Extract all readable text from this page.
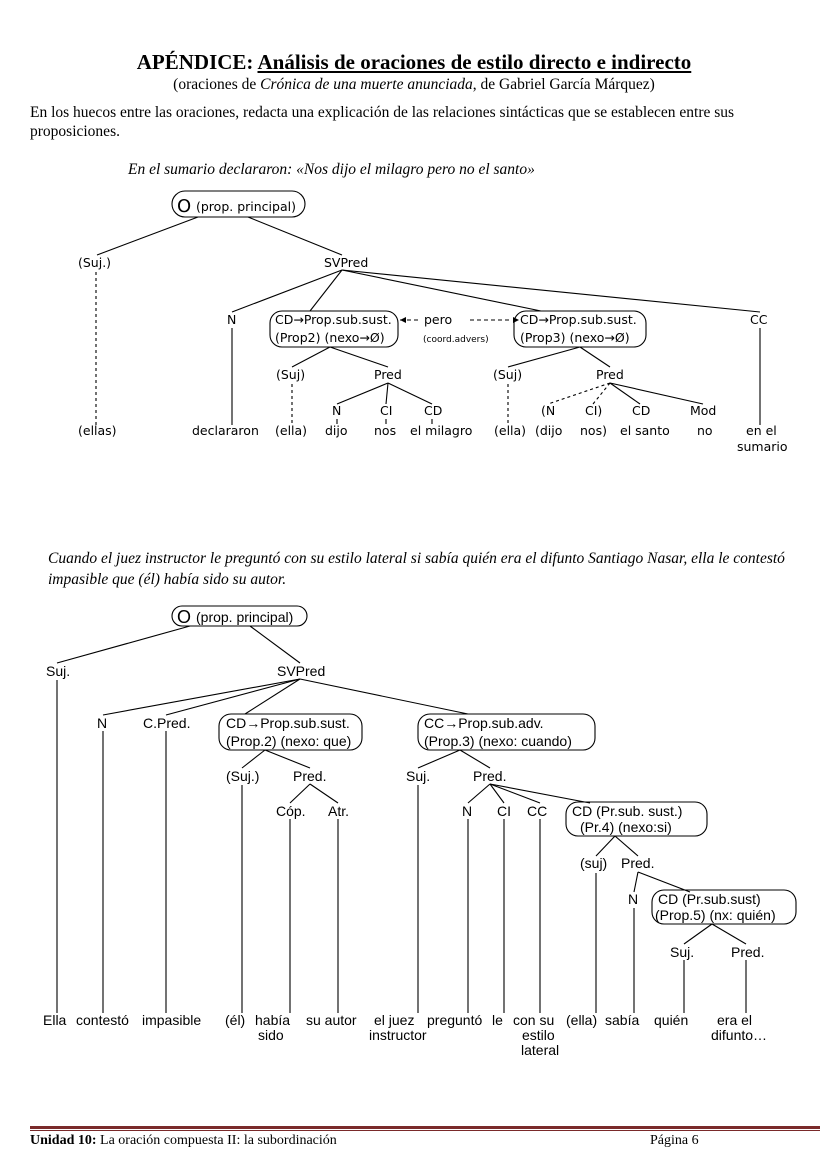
APÉNDICE: Análisis de oraciones de estilo directo e indirecto
(oraciones de Crónica de una muerte anunciada, de Gabriel García Márquez)
En los huecos entre las oraciones, redacta una explicación de las relaciones sintácticas que se establecen entre sus proposiciones.
En el sumario declararon: «Nos dijo el milagro pero no el santo»
Cuando el juez instructor le preguntó con su estilo lateral si sabía quién era el difunto Santiago Nasar, ella le contestó impasible que (él) había sido su autor.
O (prop. principal)
(Suj.)	SVPred
N	CD→Prop.sub.sust.
(Prop2) (nexo→Ø)
pero
(coord.advers)
CD→Prop.sub.sust.
(Prop3) (nexo→Ø)
CC
(Suj)	Pred	(Suj)	Pred
N	CI	CD	(N CI) CD	Mod
(ellas)	declararon (ella) dijo nos el milagro (ella) (dijo nos) el santo no	en el
sumario
O (prop. principal)
Suj.	SVPred
N	C.Pred.	CD→Prop.sub.sust.
(Prop.2) (nexo: que)
CC→Prop.sub.adv.
(Prop.3) (nexo: cuando)
(Suj.) Pred.
Cóp. Atr.
Suj.	Pred.
N CI CC CD (Pr.sub. sust.)
(Pr.4) (nexo:si)
(suj) Pred.
N CD (Pr.sub.sust)
(Prop.5) (nx: quién)
Suj.	Pred.
Ella contestó impasible (él) había
sido
su autor el juez
instructor
preguntó le con su
estilo
lateral
(ella) sabía quién era el
difunto…
Unidad 10: La oración compuesta II: la subordinación	Página 6
